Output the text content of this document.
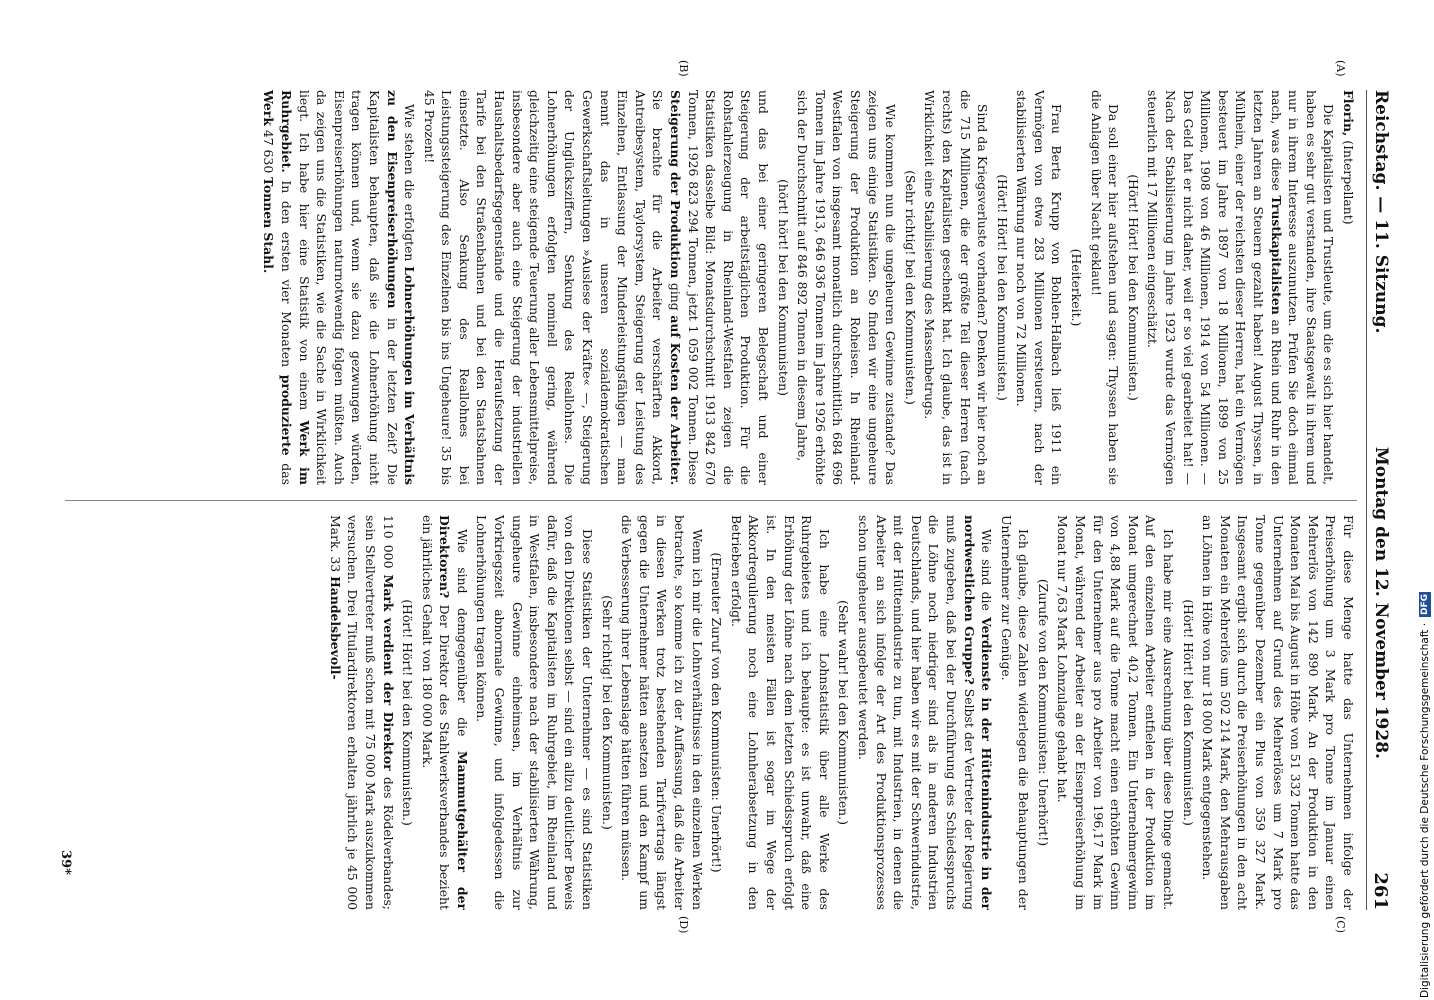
Reichstag. — 11. Sitzung.
Montag den 12. November 1928.
261
(A)
(B)
(C)
(D)

Florin, (Interpellant)

Die Kapitalisten und Trustleute, um die es sich hier handelt, haben es sehr gut verstanden, ihre Staatsgewalt in ihrem und nur in ihrem Interesse auszunutzen. Prüfen Sie doch einmal nach, was diese Trustkapitalisten an Rhein und Ruhr in den letzten Jahren an Steuern gezahlt haben! August Thyssen, in Mülheim, einer der reichsten dieser Herren, hat ein Vermögen besteuert im Jahre 1897 von 18 Millionen, 1899 von 25 Millionen, 1908 von 46 Millionen, 1914 von 54 Millionen. — Das Geld hat er nicht daher, weil er so viel gearbeitet hat! — Nach der Stabilisierung im Jahre 1923 wurde das Vermögen steuerlich mit 17 Millionen eingeschätzt.

(Hört! Hört! bei den Kommunisten.)

Da soll einer hier aufstehen und sagen: Thyssen haben sie die Anlagen über Nacht geklaut!

(Heiterkeit.)

Frau Berta Krupp von Bohlen-Halbach ließ 1911 ein Vermögen von etwa 283 Millionen versteuern, nach der stabilisierten Währung nur noch von 72 Millionen.

(Hört! Hört! bei den Kommunisten.)

Sind da Kriegsverluste vorhanden? Denken wir hier noch an die 715 Millionen, die der größte Teil dieser Herren (nach rechts) den Kapitalisten geschenkt hat. Ich glaube, das ist in Wirklichkeit eine Stabilisierung des Massenbetrugs.

(Sehr richtig! bei den Kommunisten.)

Wie kommen nun die ungeheuren Gewinne zustande? Das zeigen uns einige Statistiken. So finden wir eine ungeheure Steigerung der Produktion an Roheisen. In Rheinland-Westfalen von insgesamt monatlich durchschnittlich 684 696 Tonnen im Jahre 1913, 646 936 Tonnen im Jahre 1926 erhöhte sich der Durchschnitt auf 846 892 Tonnen in diesem Jahre,

(hört! hört! bei den Kommunisten)

und das bei einer geringeren Belegschaft und einer Steigerung der arbeitstäglichen Produktion. Für die Rohstahlerzeugung in Rheinland-Westfalen zeigen die Statistiken dasselbe Bild: Monatsdurchschnitt 1913 842 670 Tonnen, 1926 823 294 Tonnen, jetzt 1 059 002 Tonnen. Diese Steigerung der Produktion ging auf Kosten der Arbeiter. Sie brachte für die Arbeiter verschärften Akkord, Antreibesystem, Taylorsystem, Steigerung der Leistung des Einzelnen, Entlassung der Minderleistungsfähigen — man nennt das in unseren sozialdemokratischen Gewerkschaftsleitungen »Auslese der Kräfte« —, Steigerung der Unglücksziffern, Senkung des Reallohnes. Die Lohnerhöhungen erfolgten nominell gering, während gleichzeitig eine steigende Teuerung aller Lebensmittelpreise, insbesondere aber auch eine Steigerung der industriellen Haushaltsbedarfsgegenstände und die Heraufsetzung der Tarife bei den Straßenbahnen und bei den Staatsbahnen einsetzte. Also Senkung des Reallohnes bei Leistungssteigerung des Einzelnen bis ins Ungeheure! 35 bis 45 Prozent!

Wie stehen die erfolgten Lohnerhöhungen im Verhältnis zu den Eisenpreiserhöhungen in der letzten Zeit? Die Kapitalisten behaupten, daß sie die Lohnerhöhung nicht tragen können und, wenn sie dazu gezwungen würden, Eisenpreiserhöhungen naturnotwendig folgen müßten. Auch da zeigen uns die Statistiken, wie die Sache in Wirklichkeit liegt. Ich habe hier eine Statistik von einem Werk im Ruhrgebiet. In den ersten vier Monaten produzierte das Werk 47 630 Tonnen Stahl.

Für diese Menge hatte das Unternehmen infolge der Preiserhöhung um 3 Mark pro Tonne im Januar einen Mehrerlös von 142 890 Mark. An der Produktion in den Monaten Mai bis August in Höhe von 51 332 Tonnen hatte das Unternehmen auf Grund des Mehrerlöses um 7 Mark pro Tonne gegenüber Dezember ein Plus von 359 327 Mark. Insgesamt ergibt sich durch die Preiserhöhungen in den acht Monaten ein Mehrerlös um 502 214 Mark, den Mehrausgaben an Löhnen in Höhe von nur 18 000 Mark entgegenstehen.

(Hört! Hört! bei den Kommunisten.)

Ich habe mir eine Ausrechnung über diese Dinge gemacht. Auf den einzelnen Arbeiter entfielen in der Produktion im Monat umgerechnet 40,2 Tonnen. Ein Unternehmergewinn von 4,88 Mark auf die Tonne macht einen erhöhten Gewinn für den Unternehmer aus pro Arbeiter von 196,17 Mark im Monat, während der Arbeiter an der Eisenpreiserhöhung im Monat nur 7,63 Mark Lohnzulage gehabt hat.

(Zurufe von den Kommunisten: Unerhört!)

Ich glaube, diese Zahlen widerlegen die Behauptungen der Unternehmer zur Genüge.

Wie sind die Verdienste in der Hüttenindustrie in der nordwestlichen Gruppe? Selbst der Vertreter der Regierung muß zugeben, daß bei der Durchführung des Schiedsspruchs die Löhne noch niedriger sind als in anderen Industrien Deutschlands, und hier haben wir es mit der Schwerindustrie, mit der Hüttenindustrie zu tun, mit Industrien, in denen die Arbeiter an sich infolge der Art des Produktionsprozesses schon ungeheuer ausgebeutet werden.

(Sehr wahr! bei den Kommunisten.)

Ich habe eine Lohnstatistik über alle Werke des Ruhrgebietes und ich behaupte: es ist unwahr, daß eine Erhöhung der Löhne nach dem letzten Schiedsspruch erfolgt ist. In den meisten Fällen ist sogar im Wege der Akkordregulierung noch eine Lohnherabsetzung in den Betrieben erfolgt.

(Erneuter Zuruf von den Kommunisten: Unerhört!)

Wenn ich mir die Lohnverhältnisse in den einzelnen Werken betrachte, so komme ich zu der Auffassung, daß die Arbeiter in diesen Werken trotz bestehenden Tarifvertrags längst gegen die Unternehmer hätten ansetzen und den Kampf um die Verbesserung ihrer Lebenslage hätten führen müssen.

(Sehr richtig! bei den Kommunisten.)

Diese Statistiken der Unternehmer — es sind Statistiken von den Direktionen selbst — sind ein allzu deutlicher Beweis dafür, daß die Kapitalisten im Ruhrgebiet, im Rheinland und in Westfalen, insbesondere nach der stabilisierten Währung, ungeheure Gewinne einheimsen, im Verhältnis zur Vorkriegszeit abnormale Gewinne, und infolgedessen die Lohnerhöhungen tragen können.

Wie sind demgegenüber die Mammutgehälter der Direktoren? Der Direktor des Stahlwerksverbandes bezieht ein jährliches Gehalt von 180 000 Mark.

(Hört! Hört! bei den Kommunisten.)

110 000 Mark verdient der Direktor des Rödelverbandes; sein Stellvertreter muß schon mit 75 000 Mark auszukommen versuchen. Drei Titulardirektoren erhalten jährlich je 45 000 Mark. 33 Handelsbevoll-

39*	Digitalisierung gefördert durch die Deutsche Forschungsgemeinschaft ·
DFG
